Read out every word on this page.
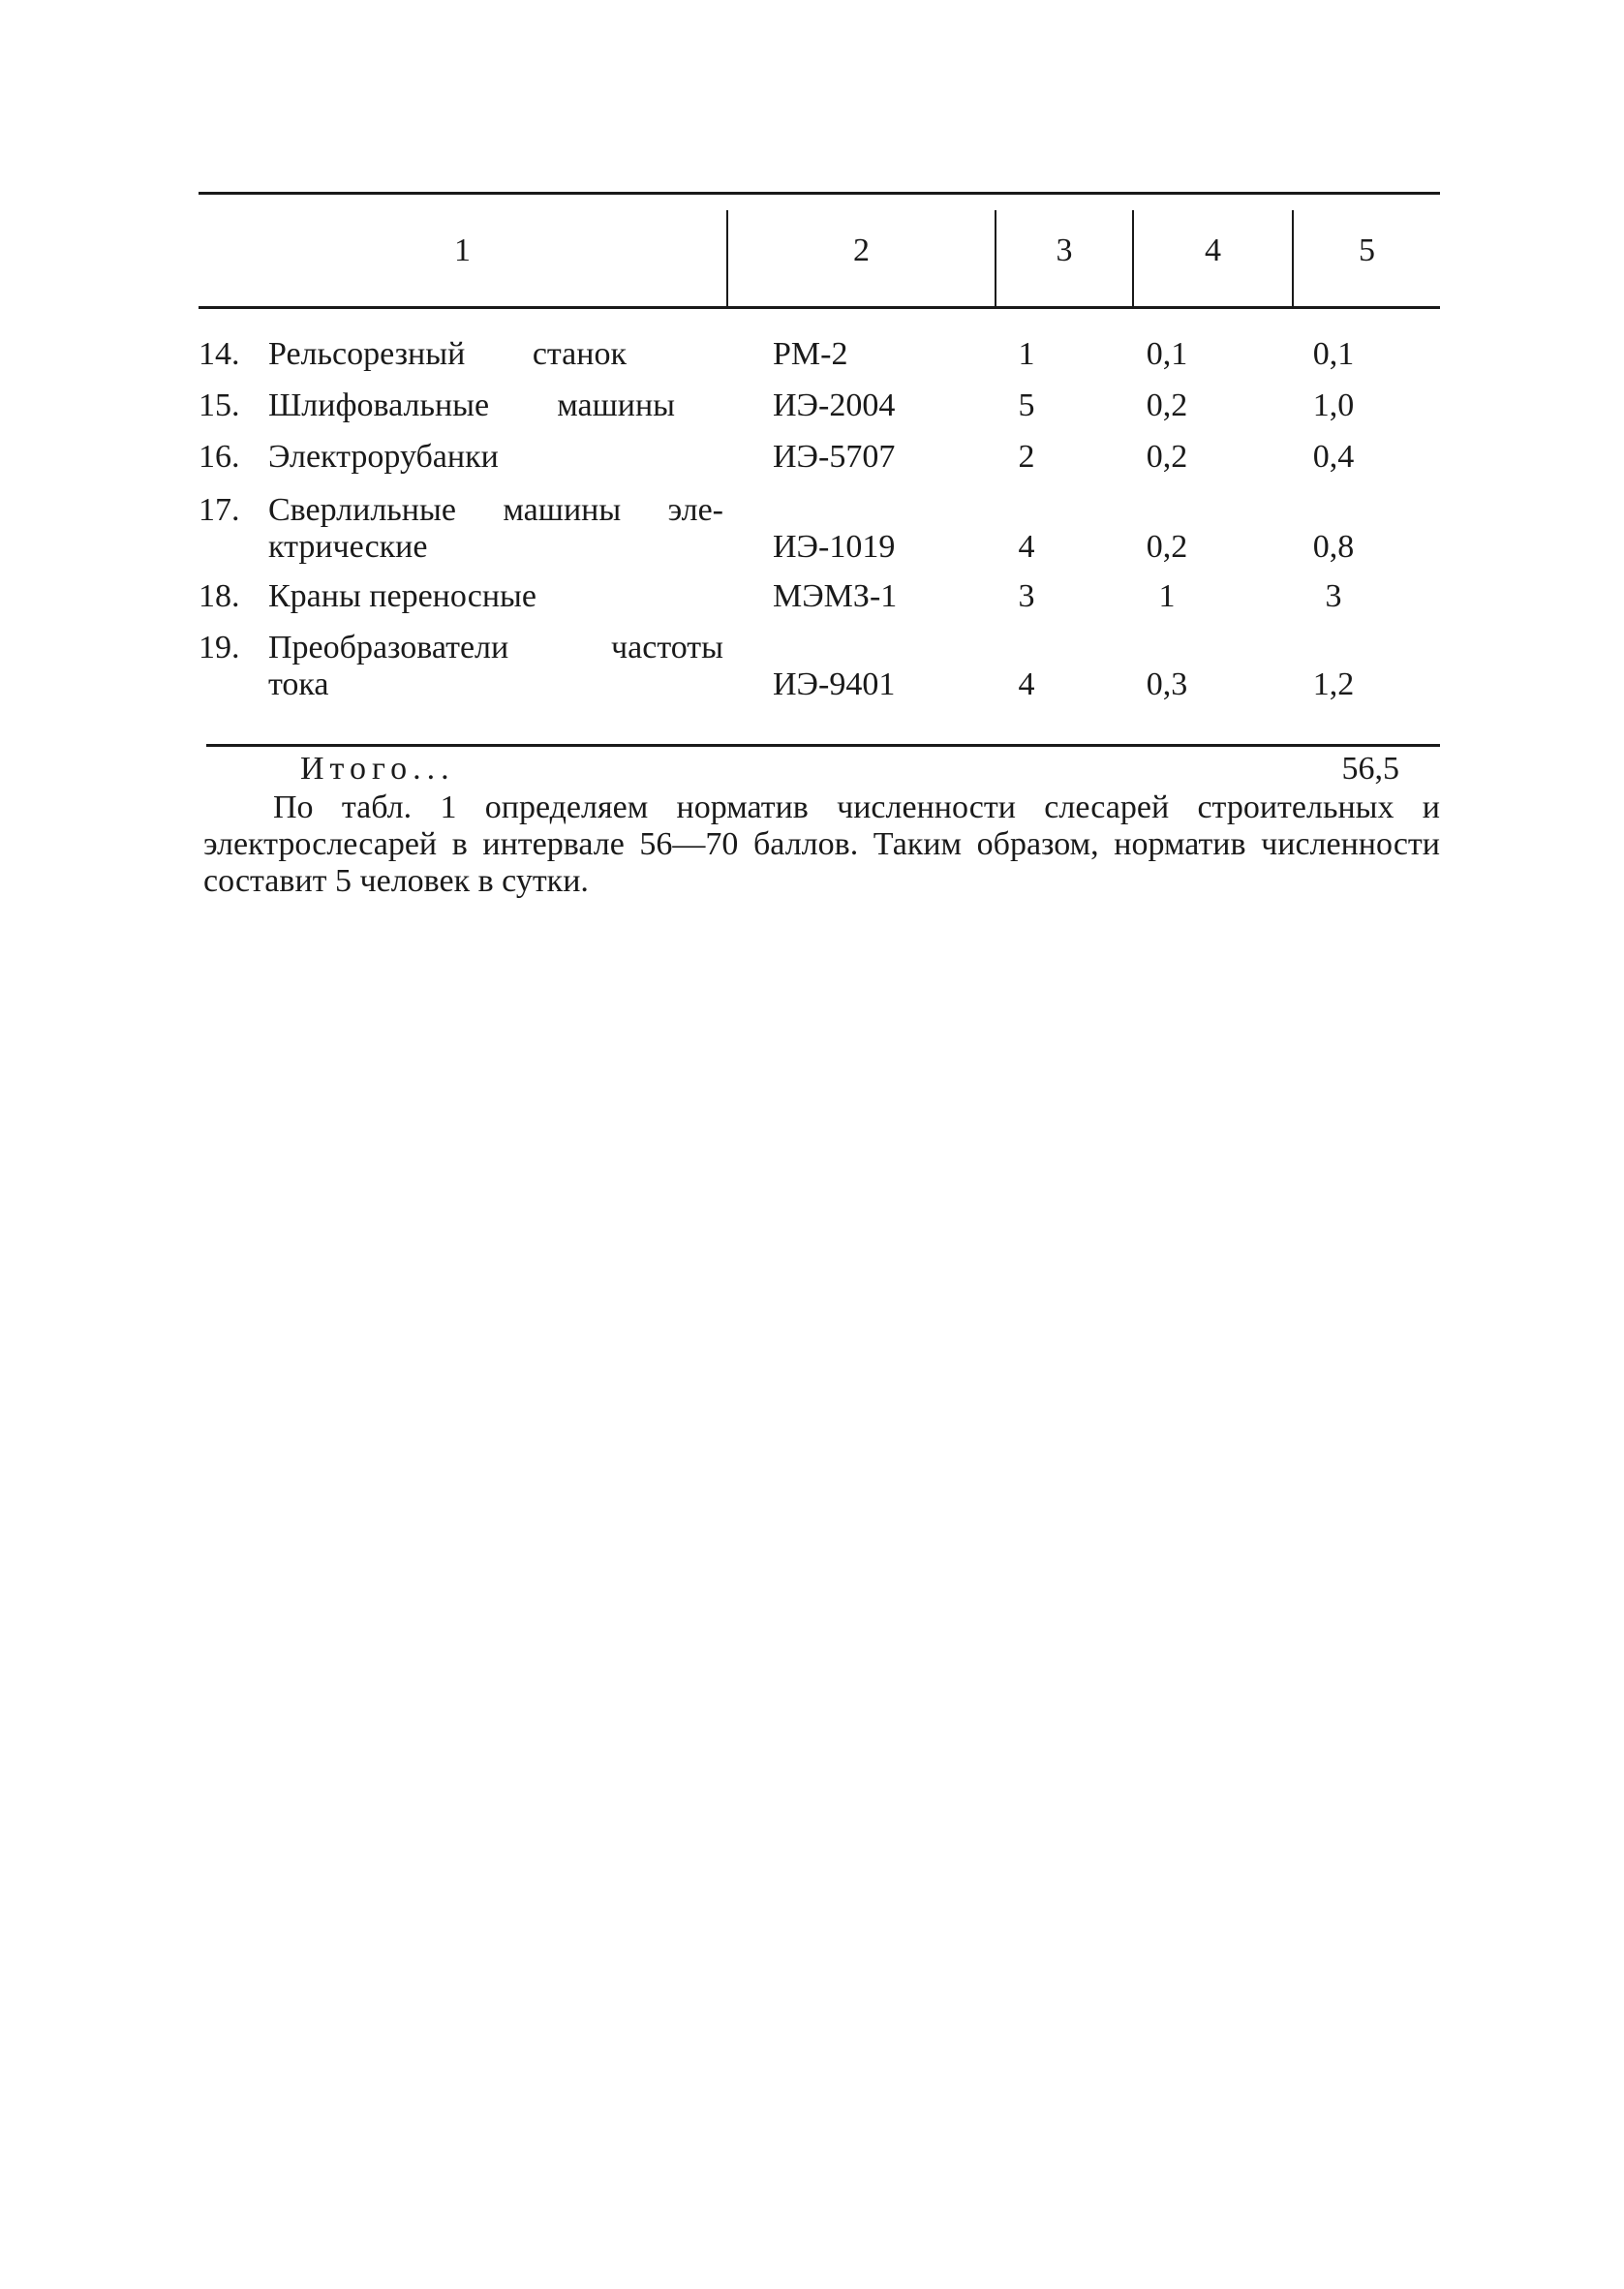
1	2	3	4	5
14. Рельсорезный станок	РМ-2	1	0,1	0,1
15. Шлифовальные машины	ИЭ-2004	5	0,2	1,0
16. Электрорубанки	ИЭ-5707	2	0,2	0,4
17. Сверлильные машины эле-
ктрические	ИЭ-1019	4	0,2	0,8
18. Краны переносные	МЭМЗ-1	3	1	3
19. Преобразователи частоты
тока	ИЭ-9401	4	0,3	1,2
Итого...	56,5
По табл. 1 определяем норматив численности слесарей строительных и электрослесарей в интервале 56—70 баллов. Таким образом, норматив численности составит 5 человек в сутки.
